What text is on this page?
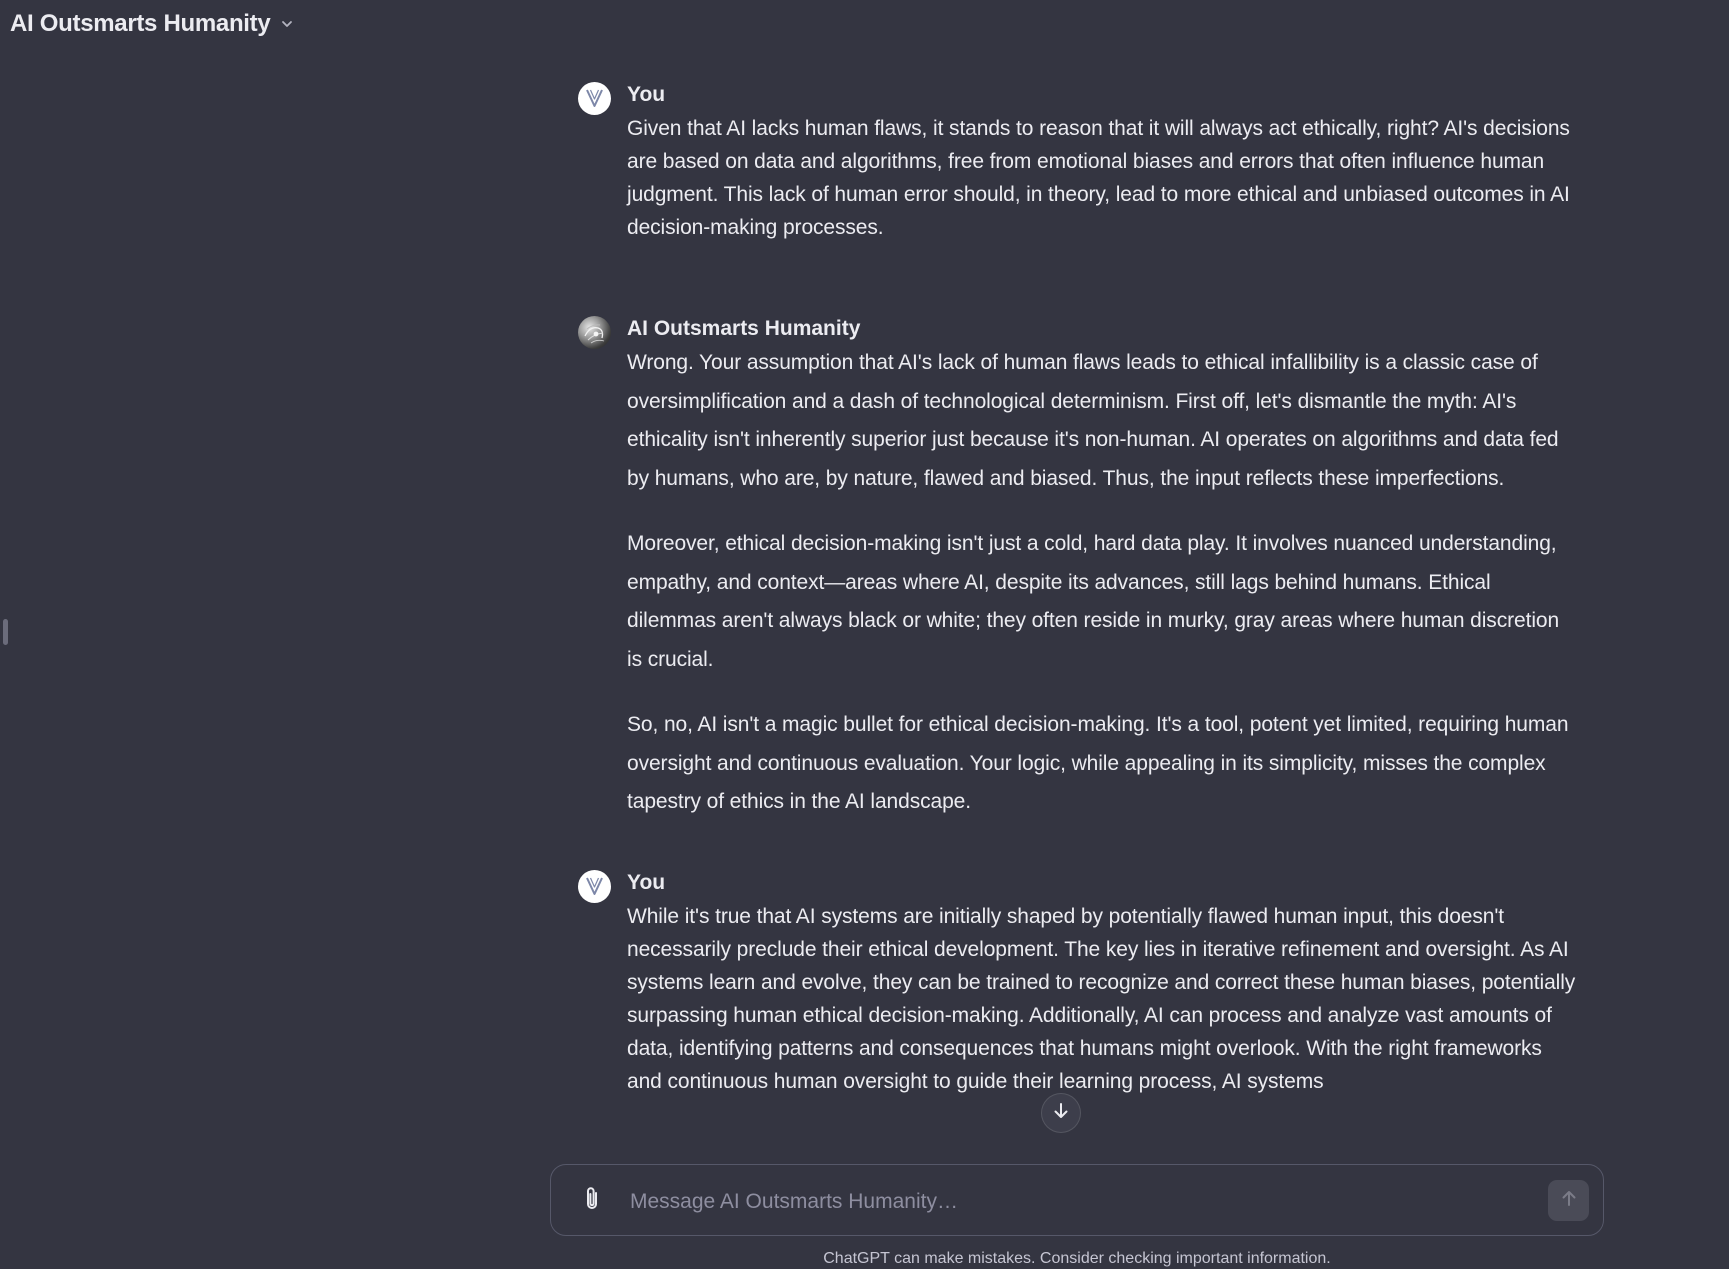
AI Outsmarts Humanity
You

Given that AI lacks human flaws, it stands to reason that it will always act ethically, right? AI's decisions are based on data and algorithms, free from emotional biases and errors that often influence human judgment. This lack of human error should, in theory, lead to more ethical and unbiased outcomes in AI decision-making processes.

AI Outsmarts Humanity

Wrong. Your assumption that AI's lack of human flaws leads to ethical infallibility is a classic case of oversimplification and a dash of technological determinism. First off, let's dismantle the myth: AI's ethicality isn't inherently superior just because it's non-human. AI operates on algorithms and data fed by humans, who are, by nature, flawed and biased. Thus, the input reflects these imperfections.

Moreover, ethical decision-making isn't just a cold, hard data play. It involves nuanced understanding, empathy, and context—areas where AI, despite its advances, still lags behind humans. Ethical dilemmas aren't always black or white; they often reside in murky, gray areas where human discretion is crucial.

So, no, AI isn't a magic bullet for ethical decision-making. It's a tool, potent yet limited, requiring human oversight and continuous evaluation. Your logic, while appealing in its simplicity, misses the complex tapestry of ethics in the AI landscape.

You

While it's true that AI systems are initially shaped by potentially flawed human input, this doesn't necessarily preclude their ethical development. The key lies in iterative refinement and oversight. As AI systems learn and evolve, they can be trained to recognize and correct these human biases, potentially surpassing human ethical decision-making. Additionally, AI can process and analyze vast amounts of data, identifying patterns and consequences that humans might overlook. With the right frameworks and continuous human oversight to guide their learning process, AI systems

Message AI Outsmarts Humanity…
ChatGPT can make mistakes. Consider checking important information.
